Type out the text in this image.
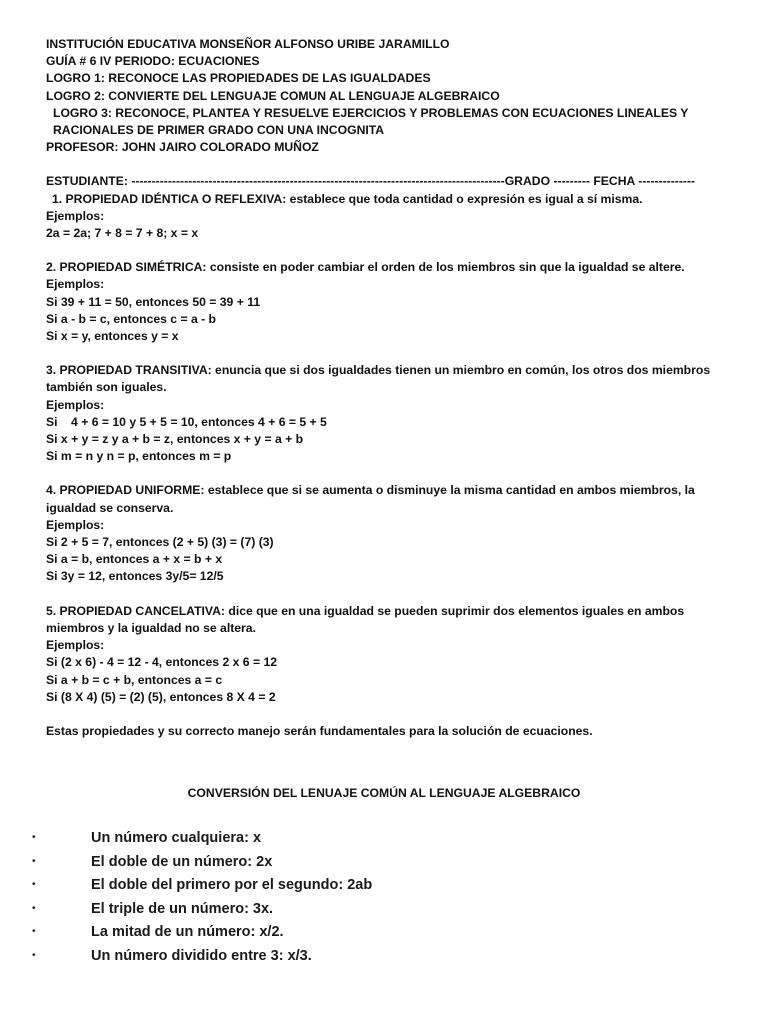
INSTITUCIÓN EDUCATIVA MONSEÑOR ALFONSO URIBE JARAMILLO
GUÍA # 6 IV PERIODO: ECUACIONES
LOGRO 1: RECONOCE LAS PROPIEDADES DE LAS IGUALDADES
LOGRO 2: CONVIERTE DEL LENGUAJE COMUN AL LENGUAJE ALGEBRAICO
LOGRO 3: RECONOCE, PLANTEA Y RESUELVE EJERCICIOS Y PROBLEMAS CON ECUACIONES LINEALES Y RACIONALES DE PRIMER GRADO CON UNA INCOGNITA
PROFESOR: JOHN JAIRO COLORADO MUÑOZ
ESTUDIANTE: --------------------------------------------------------------------------------------------GRADO --------- FECHA --------------
1. PROPIEDAD IDÉNTICA O REFLEXIVA: establece que toda cantidad o expresión es igual a sí misma.
Ejemplos:
2a = 2a; 7 + 8 = 7 + 8; x = x
2. PROPIEDAD SIMÉTRICA: consiste en poder cambiar el orden de los miembros sin que la igualdad se altere.
Ejemplos:
Si 39 + 11 = 50, entonces 50 = 39 + 11
Si a - b = c, entonces c = a - b
Si x = y, entonces y = x
3. PROPIEDAD TRANSITIVA: enuncia que si dos igualdades tienen un miembro en común, los otros dos miembros también son iguales.
Ejemplos:
Si    4 + 6 = 10 y 5 + 5 = 10, entonces 4 + 6 = 5 + 5
Si x + y = z y a + b = z, entonces x + y = a + b
Si m = n y n = p, entonces m = p
4. PROPIEDAD UNIFORME: establece que si se aumenta o disminuye la misma cantidad en ambos miembros, la igualdad se conserva.
Ejemplos:
Si 2 + 5 = 7, entonces (2 + 5) (3) = (7) (3)
Si a = b, entonces a + x = b + x
Si 3y = 12, entonces 3y/5= 12/5
5. PROPIEDAD CANCELATIVA: dice que en una igualdad se pueden suprimir dos elementos iguales en ambos miembros y la igualdad no se altera.
Ejemplos:
Si (2 x 6) - 4 = 12 - 4, entonces 2 x 6 = 12
Si a + b = c + b, entonces a = c
Si (8 X 4) (5) = (2) (5), entonces 8 X 4 = 2
Estas propiedades y su correcto manejo serán fundamentales para la solución de ecuaciones.
CONVERSIÓN DEL LENUAJE COMÚN AL LENGUAJE ALGEBRAICO
•	Un número cualquiera: x
•	El doble de un número: 2x
•	El doble del primero por el segundo: 2ab
•	El triple de un número: 3x.
•	La mitad de un número: x/2.
•	Un número dividido entre 3: x/3.
